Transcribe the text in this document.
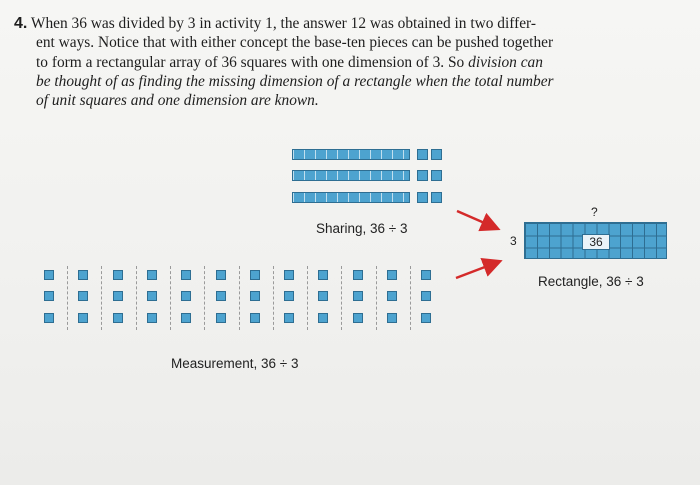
4. When 36 was divided by 3 in activity 1, the answer 12 was obtained in two differ-
ent ways. Notice that with either concept the base-ten pieces can be pushed together
to form a rectangular array of 36 squares with one dimension of 3. So division can
be thought of as finding the missing dimension of a rectangle when the total number
of unit squares and one dimension are known.
Sharing, 36 ÷ 3
Measurement, 36 ÷ 3
?
3	36
Rectangle, 36 ÷ 3
